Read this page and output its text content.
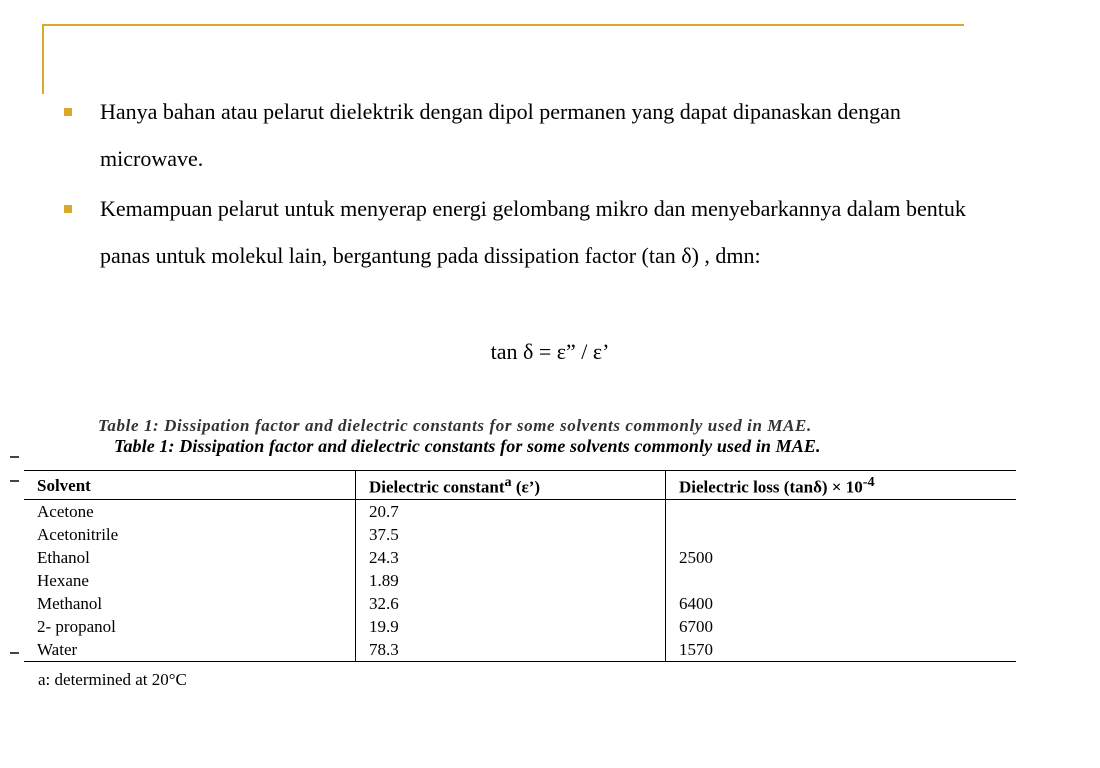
Hanya bahan atau pelarut dielektrik dengan dipol permanen yang dapat dipanaskan dengan microwave.
Kemampuan pelarut untuk menyerap energi gelombang mikro dan menyebarkannya dalam bentuk panas untuk molekul lain, bergantung pada dissipation factor (tan δ) , dmn:
tan δ = ε” / ε’
Table 1: Dissipation factor and dielectric constants for some solvents commonly used in MAE.
Table 1: Dissipation factor and dielectric constants for some solvents commonly used in MAE.
Solvent	Dielectric constant$^a$ (ε’)	Dielectric loss $(\tan\delta) \times 10^{-4}$
Acetone	20.7	
Acetonitrile	37.5	
Ethanol	24.3	2500
Hexane	1.89	
Methanol	32.6	6400
2- propanol	19.9	6700
Water	78.3	1570
a: determined at 20°C
